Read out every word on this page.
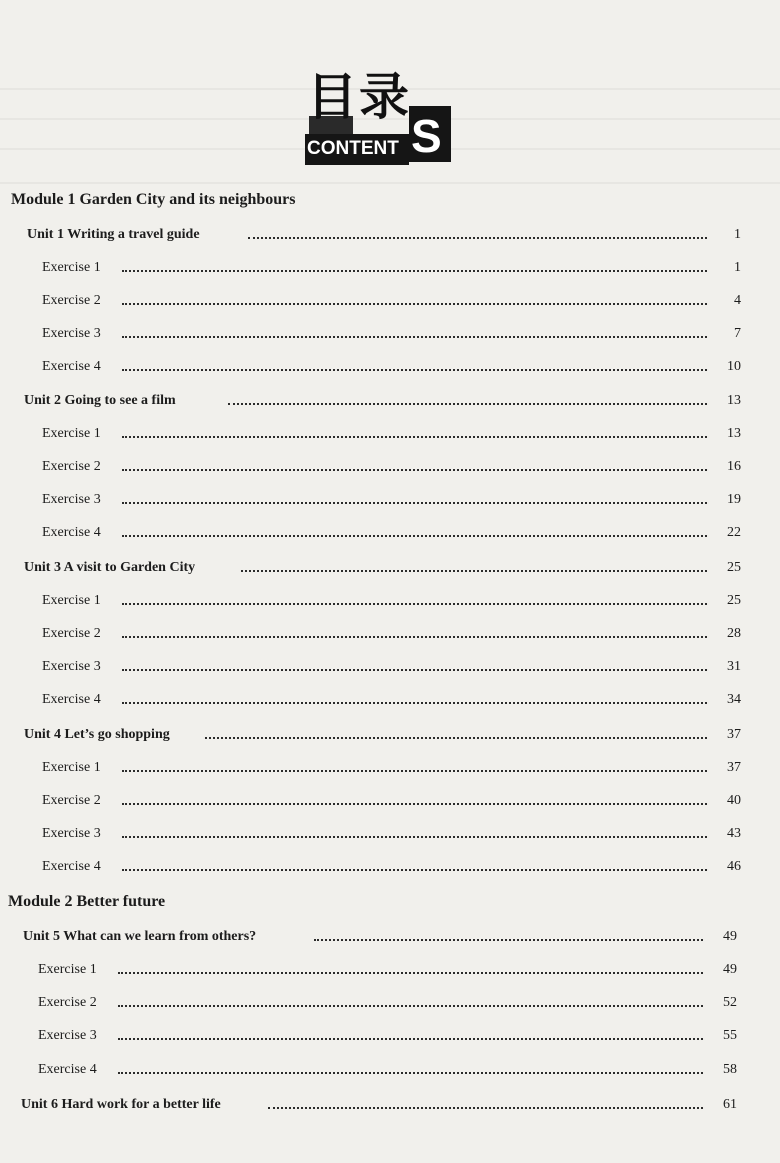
目 录
CONTENT S
Module 1 Garden City and its neighbours
Unit 1 Writing a travel guide	1
Exercise 1	1
Exercise 2	4
Exercise 3	7
Exercise 4	10
Unit 2 Going to see a film	13
Exercise 1	13
Exercise 2	16
Exercise 3	19
Exercise 4	22
Unit 3 A visit to Garden City	25
Exercise 1	25
Exercise 2	28
Exercise 3	31
Exercise 4	34
Unit 4 Let’s go shopping	37
Exercise 1	37
Exercise 2	40
Exercise 3	43
Exercise 4	46
Module 2 Better future
Unit 5 What can we learn from others?	49
Exercise 1	49
Exercise 2	52
Exercise 3	55
Exercise 4	58
Unit 6 Hard work for a better life	61
